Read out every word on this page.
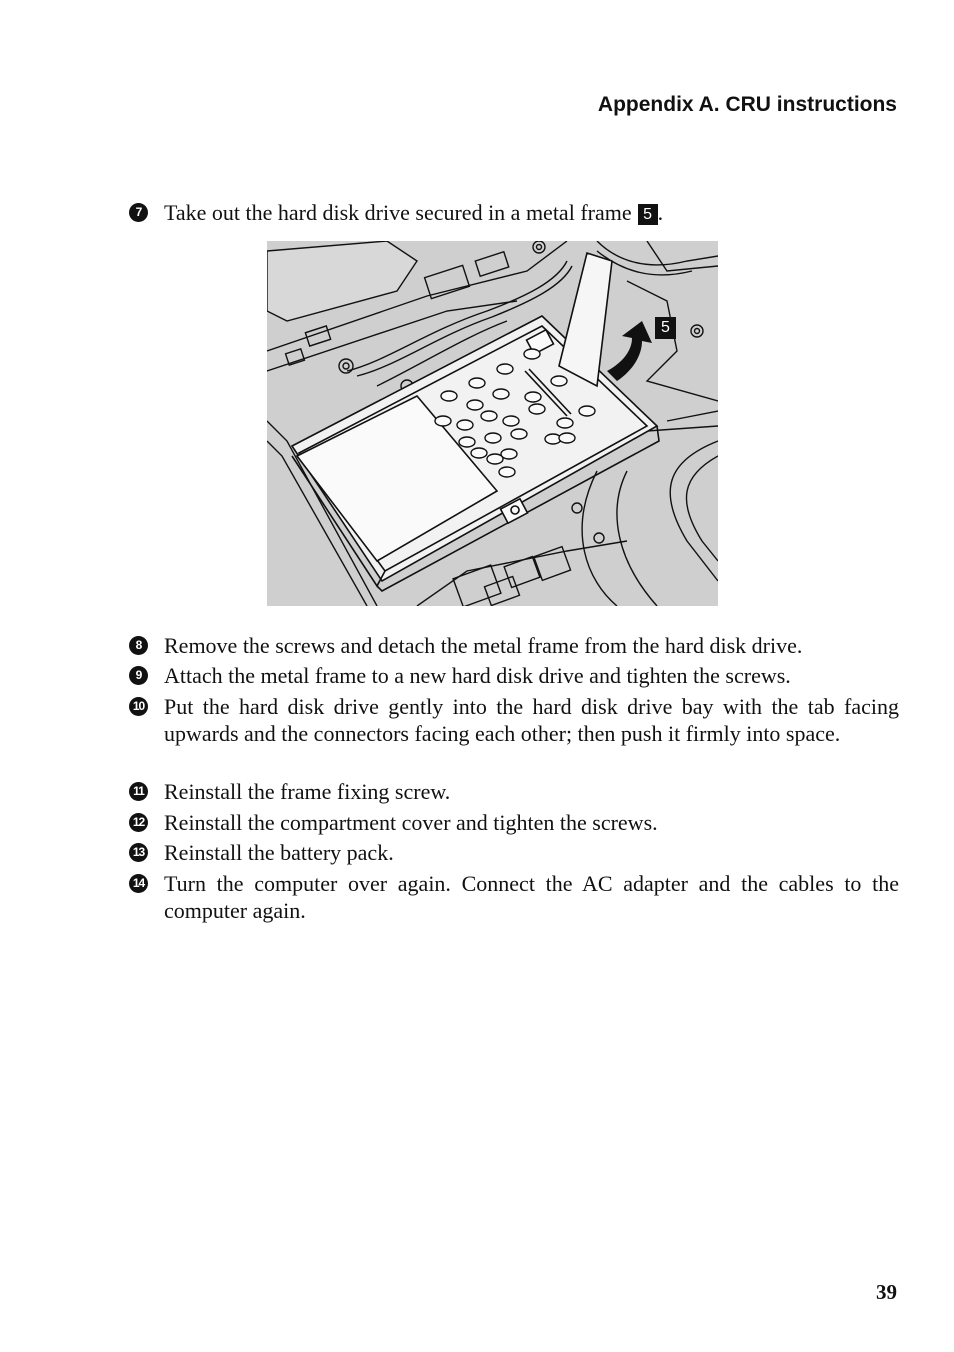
Appendix A. CRU instructions
7	Take out the hard disk drive secured in a metal frame 5 .
5
8	Remove the screws and detach the metal frame from the hard disk drive.
9	Attach the metal frame to a new hard disk drive and tighten the screws.
10 Put the hard disk drive gently into the hard disk drive bay with the tab facing upwards and the connectors facing each other; then push it firmly into space.
11 Reinstall the frame fixing screw.
12 Reinstall the compartment cover and tighten the screws.
13 Reinstall the battery pack.
14 Turn the computer over again. Connect the AC adapter and the cables to the computer again.
39
